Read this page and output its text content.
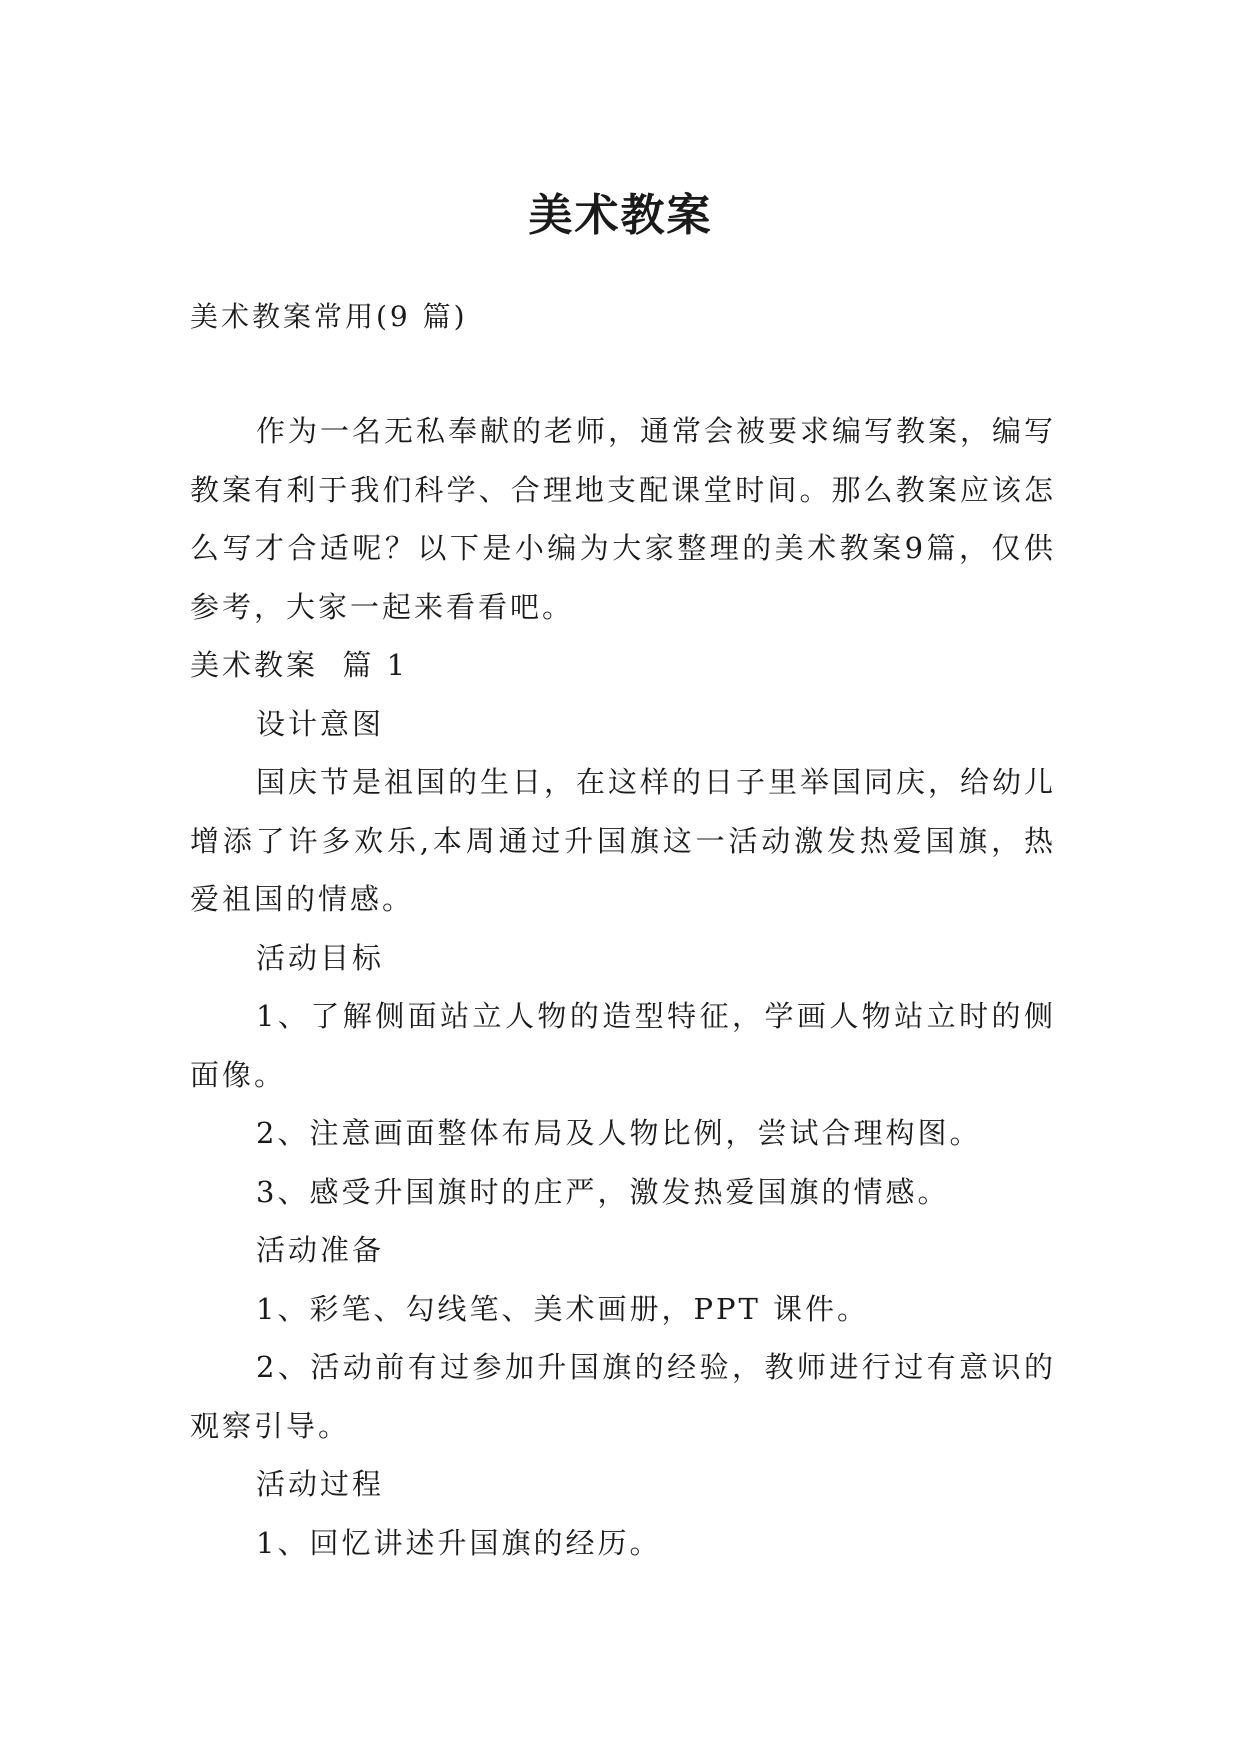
美术教案
美术教案常用(9 篇)

作为一名无私奉献的老师，通常会被要求编写教案，编写教案有利于我们科学、合理地支配课堂时间。那么教案应该怎么写才合适呢？以下是小编为大家整理的美术教案9篇，仅供参考，大家一起来看看吧。

美术教案  篇 1

设计意图

国庆节是祖国的生日，在这样的日子里举国同庆，给幼儿增添了许多欢乐,本周通过升国旗这一活动激发热爱国旗，热爱祖国的情感。

活动目标

1、了解侧面站立人物的造型特征，学画人物站立时的侧面像。

2、注意画面整体布局及人物比例，尝试合理构图。

3、感受升国旗时的庄严，激发热爱国旗的情感。

活动准备

1、彩笔、勾线笔、美术画册，PPT 课件。

2、活动前有过参加升国旗的经验，教师进行过有意识的观察引导。

活动过程

1、回忆讲述升国旗的经历。
